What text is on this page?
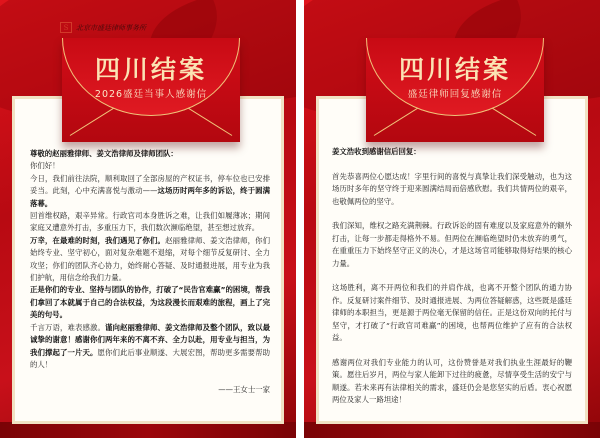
S	北京市盛廷律师事务所
四川结案
2026盛廷当事人感谢信

尊敬的赵丽雅律师、姜文浩律师及律师团队：

你们好！

今日，我们前往法院，顺利取回了全部房屋的产权证书，停车位也已安排妥当。此刻，心中充满喜悦与激动——这场历时两年多的诉讼，终于圆满落幕。

回首维权路，艰辛异常。行政官司本身胜诉之难，让我们如履薄冰；期间家庭又遭意外打击，多重压力下，我们数次濒临绝望，甚至想过放弃。

万幸，在最难的时刻，我们遇见了你们。赵丽雅律师、姜文浩律师，你们始终专业、坚守初心，面对复杂难题不退缩，对每个细节反复研讨、全力攻坚；你们的团队齐心协力，始终耐心答疑、及时通报进展，用专业为我们护航，用信念给我们力量。

正是你们的专业、坚持与团队的协作，打破了“民告官难赢”的困境，帮我们拿回了本就属于自己的合法权益，为这段漫长而艰难的旅程，画上了完美的句号。

千言万语，难表感激。谨向赵丽雅律师、姜文浩律师及整个团队，致以最诚挚的谢意！感谢你们两年来的不离不弃、全力以赴，用专业与担当，为我们撑起了一片天。愿你们此后事业顺遂、大展宏图，帮助更多需要帮助的人！

——王女士一家

四川结案
盛廷律师回复感谢信

姜文浩收到感谢信后回复：

首先恭喜两位心愿达成！字里行间的喜悦与真挚让我们深受触动，也为这场历时多年的坚守终于迎来圆满结局而倍感欣慰。我们共情两位的艰辛，也敬佩两位的坚守。

我们深知，维权之路充满荆棘。行政诉讼的固有难度以及家庭意外的额外打击，让每一步都走得格外不易。但两位在濒临绝望时仍未放弃的勇气，在重重压力下始终坚守正义的决心，才是这场官司能够取得好结果的核心力量。

这场胜利，离不开两位和我们的并肩作战，也离不开整个团队的通力协作。反复研讨案件细节、及时通报进展、为两位答疑解惑，这些既是盛廷律师的本职担当，更是源于两位毫无保留的信任。正是这份双向的托付与坚守，才打破了“行政官司难赢”的困境，也帮两位维护了应有的合法权益。

感谢两位对我们专业能力的认可，这份赞誉是对我们执业生涯最好的鞭策。愿往后岁月，两位与家人能卸下过往的疲惫，尽情享受生活的安宁与顺遂。若未来再有法律相关的需求，盛廷仍会是您坚实的后盾。衷心祝愿两位及家人一路坦途！
